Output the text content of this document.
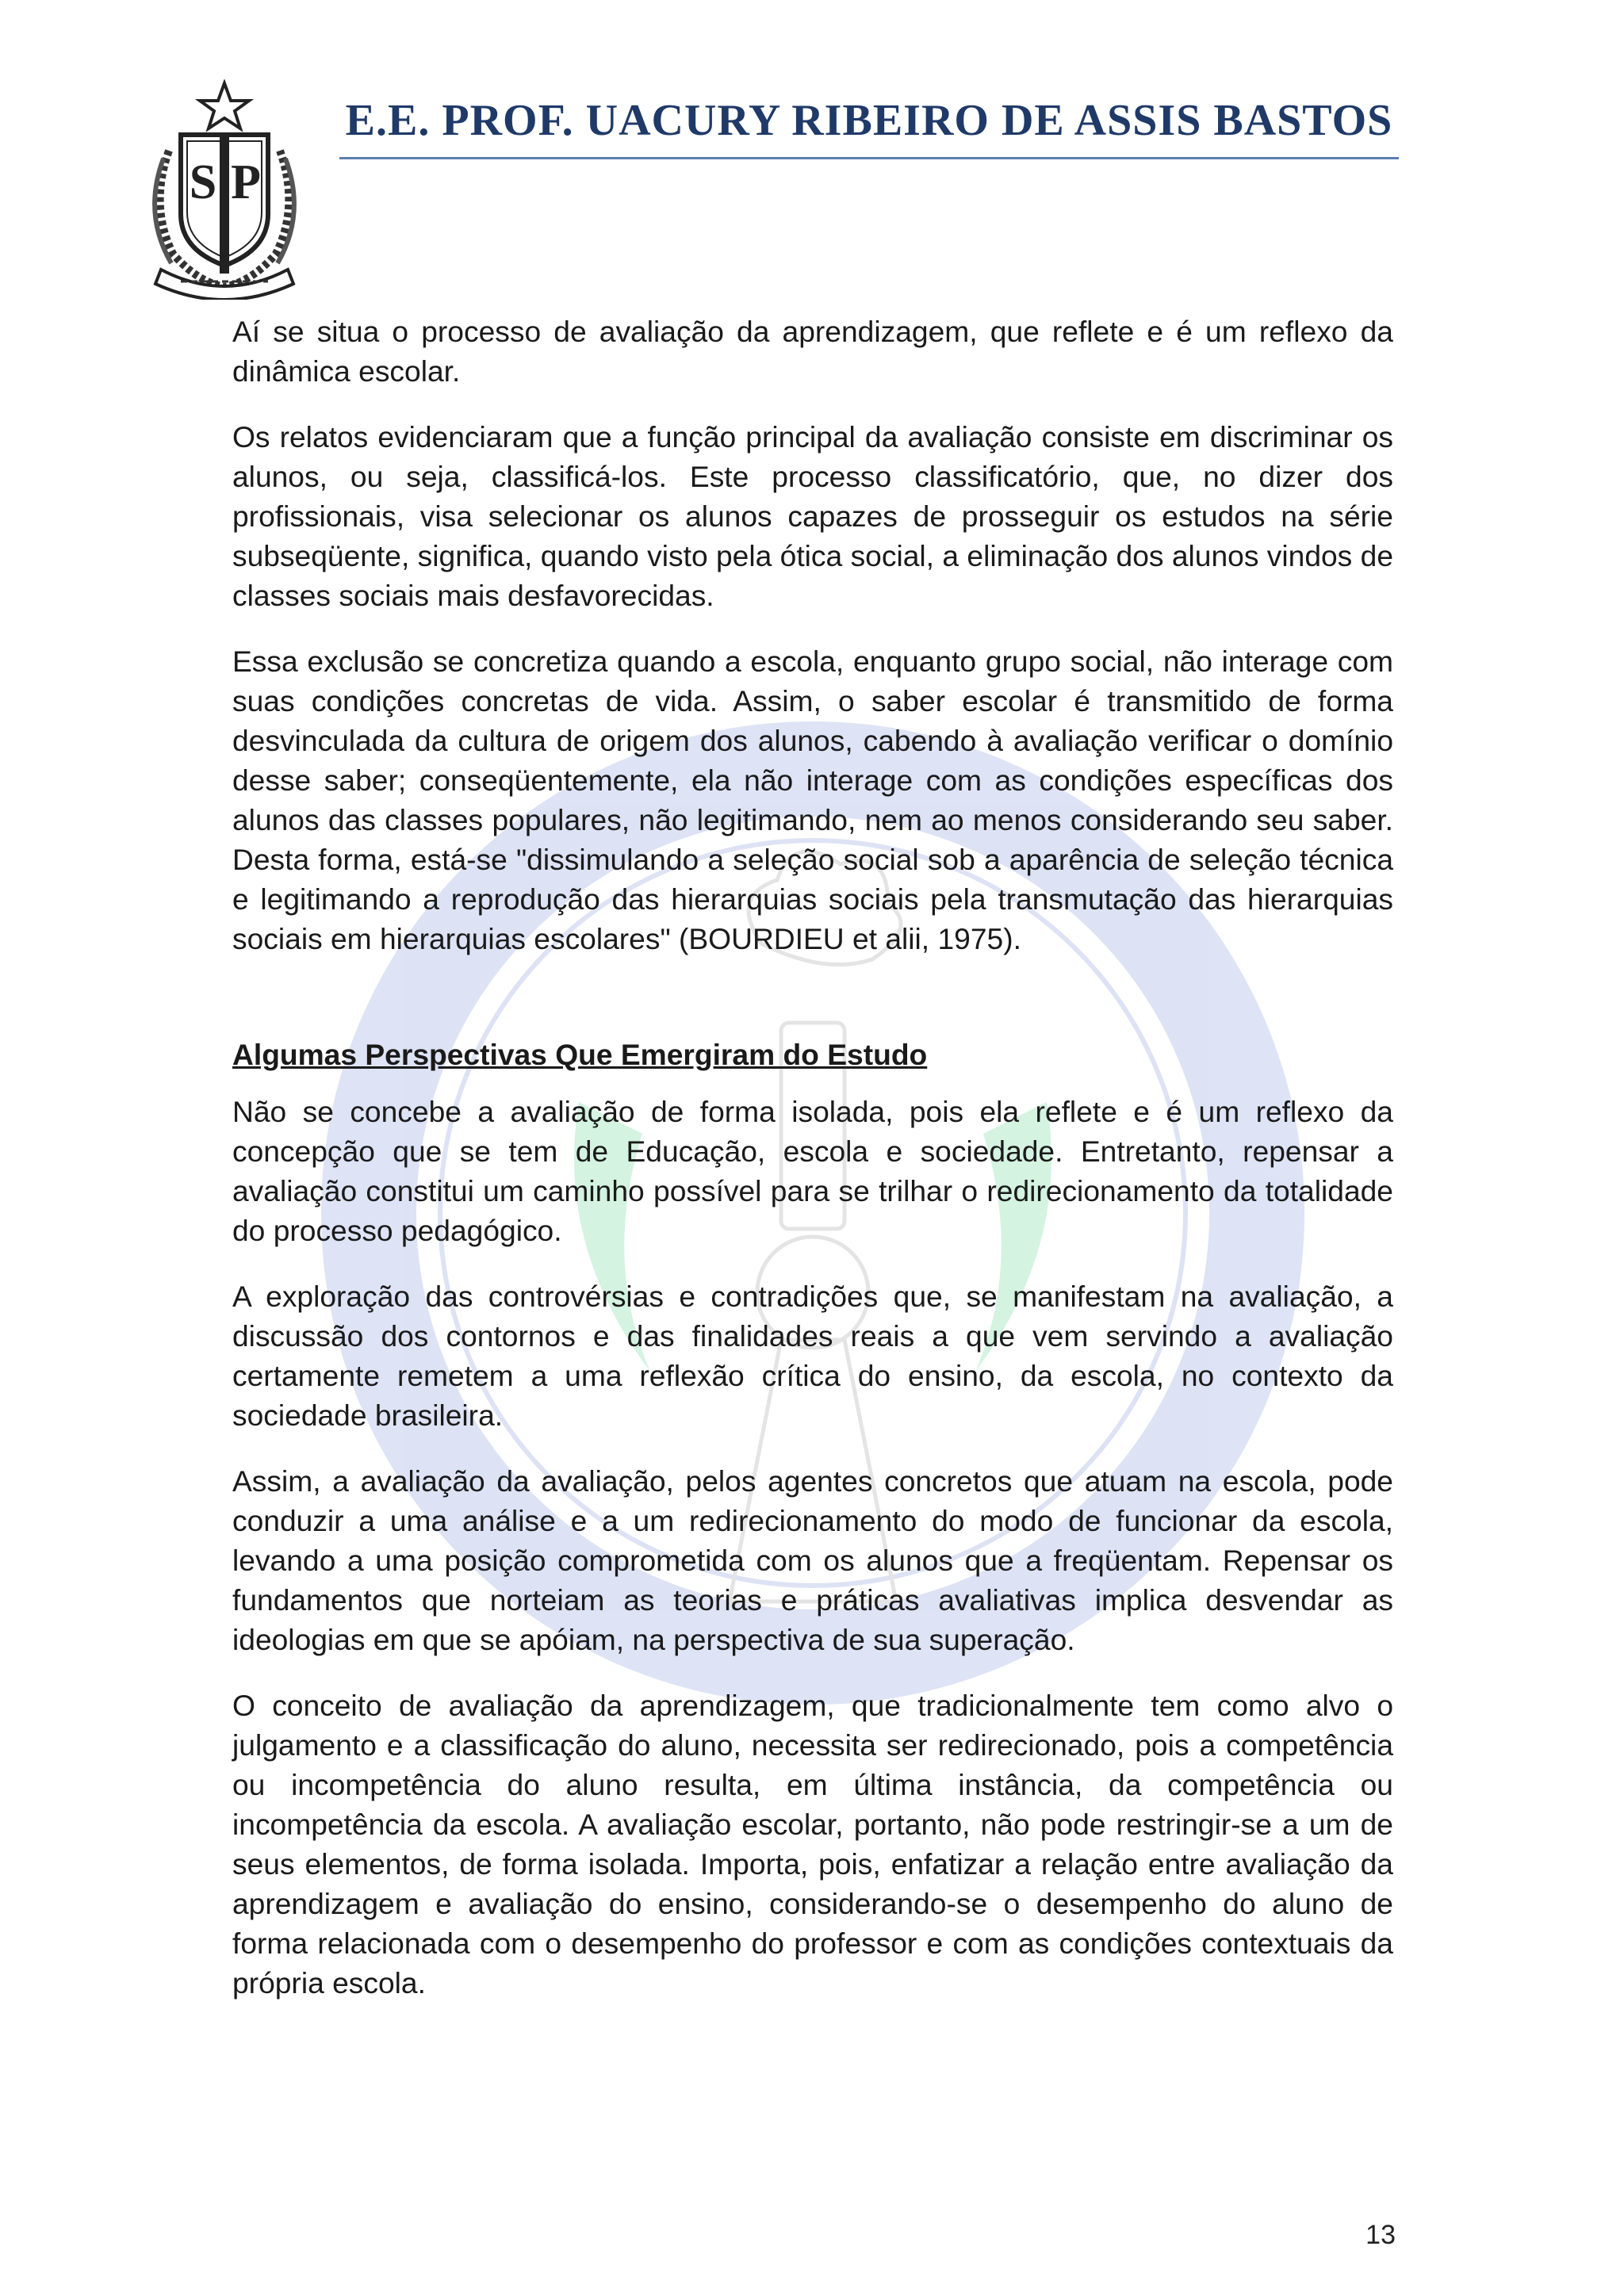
S P
E.E. PROF. UACURY RIBEIRO DE ASSIS BASTOS

Aí se situa o processo de avaliação da aprendizagem, que reflete e é um reflexo da dinâmica escolar.

Os relatos evidenciaram que a função principal da avaliação consiste em discriminar os alunos, ou seja, classificá-los. Este processo classificatório, que, no dizer dos profissionais, visa selecionar os alunos capazes de prosseguir os estudos na série subseqüente, significa, quando visto pela ótica social, a eliminação dos alunos vindos de classes sociais mais desfavorecidas.

Essa exclusão se concretiza quando a escola, enquanto grupo social, não interage com suas condições concretas de vida. Assim, o saber escolar é transmitido de forma desvinculada da cultura de origem dos alunos, cabendo à avaliação verificar o domínio desse saber; conseqüentemente, ela não interage com as condições específicas dos alunos das classes populares, não legitimando, nem ao menos considerando seu saber. Desta forma, está-se "dissimulando a seleção social sob a aparência de seleção técnica e legitimando a reprodução das hierarquias sociais pela transmutação das hierarquias sociais em hierarquias escolares" (BOURDIEU et alii, 1975).

Algumas Perspectivas Que Emergiram do Estudo

Não se concebe a avaliação de forma isolada, pois ela reflete e é um reflexo da concepção que se tem de Educação, escola e sociedade. Entretanto, repensar a avaliação constitui um caminho possível para se trilhar o redirecionamento da totalidade do processo pedagógico.

A exploração das controvérsias e contradições que, se manifestam na avaliação, a discussão dos contornos e das finalidades reais a que vem servindo a avaliação certamente remetem a uma reflexão crítica do ensino, da escola, no contexto da sociedade brasileira.

Assim, a avaliação da avaliação, pelos agentes concretos que atuam na escola, pode conduzir a uma análise e a um redirecionamento do modo de funcionar da escola, levando a uma posição comprometida com os alunos que a freqüentam. Repensar os fundamentos que norteiam as teorias e práticas avaliativas implica desvendar as ideologias em que se apóiam, na perspectiva de sua superação.

O conceito de avaliação da aprendizagem, que tradicionalmente tem como alvo o julgamento e a classificação do aluno, necessita ser redirecionado, pois a competência ou incompetência do aluno resulta, em última instância, da competência ou incompetência da escola. A avaliação escolar, portanto, não pode restringir-se a um de seus elementos, de forma isolada. Importa, pois, enfatizar a relação entre avaliação da aprendizagem e avaliação do ensino, considerando-se o desempenho do aluno de forma relacionada com o desempenho do professor e com as condições contextuais da própria escola.

13
